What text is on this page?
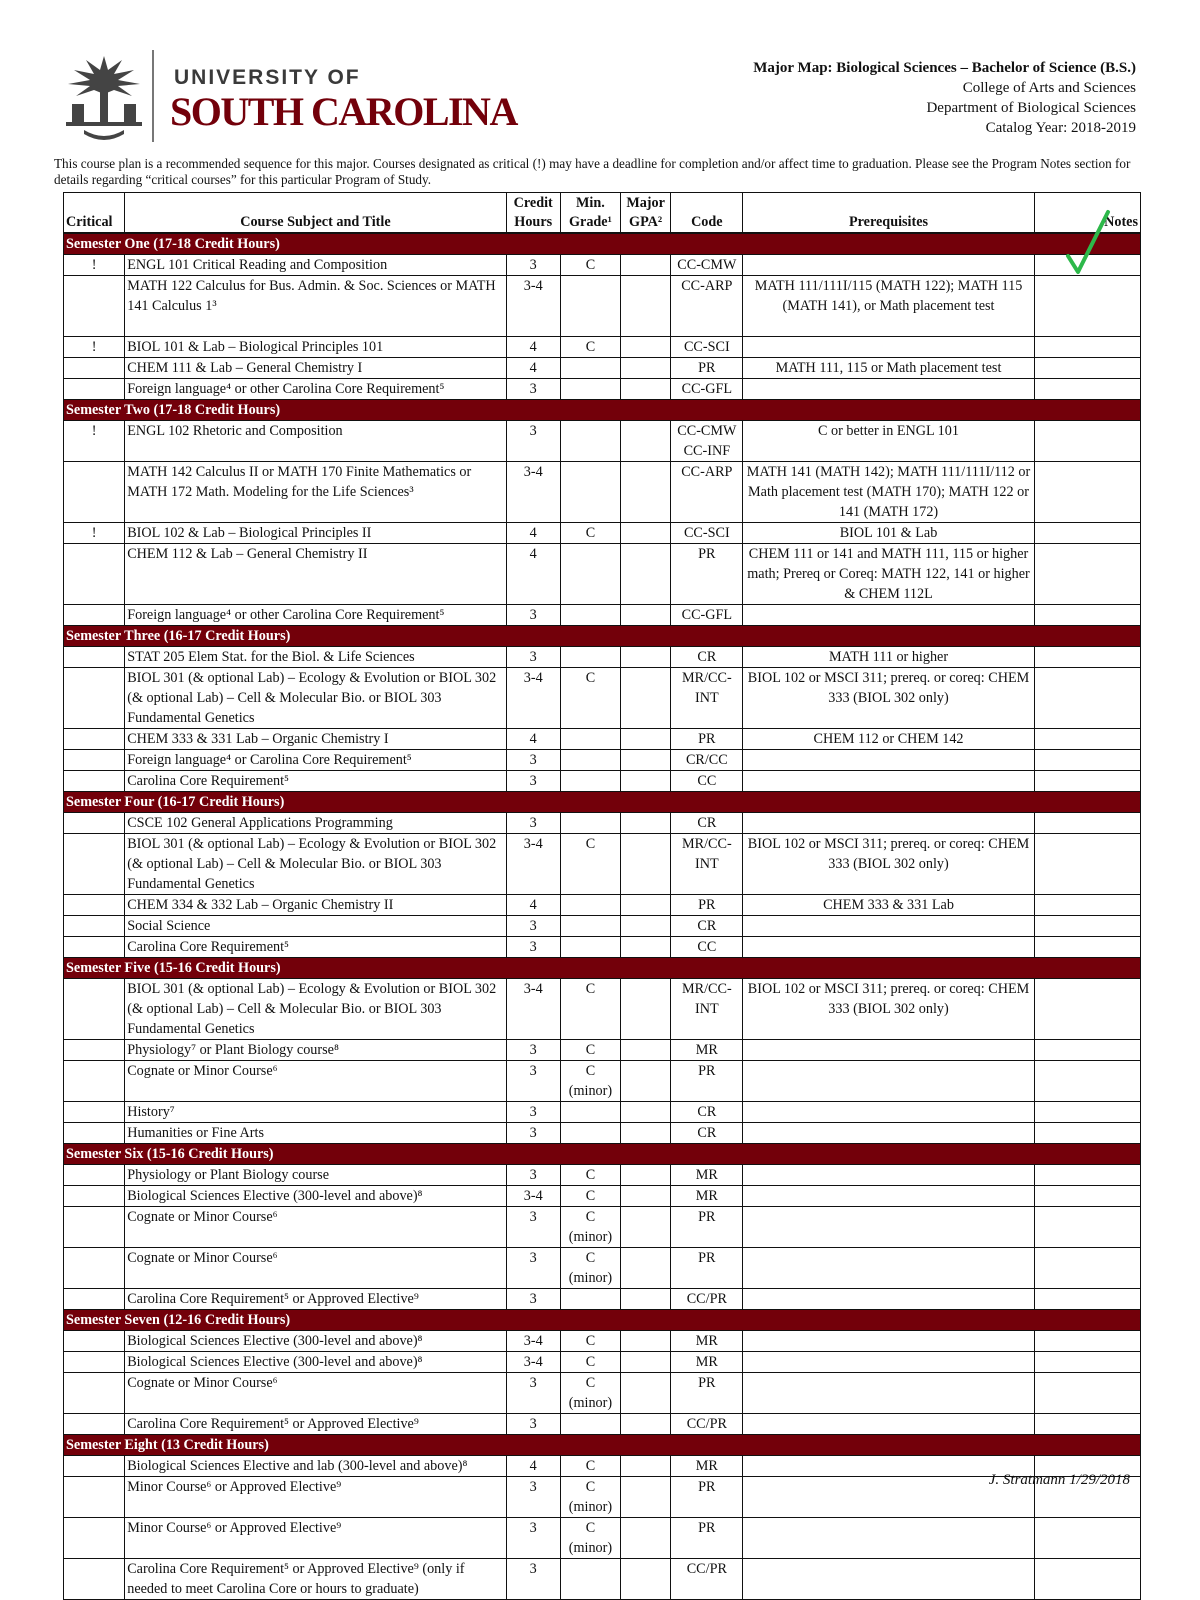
UNIVERSITY OF
SOUTH CAROLINA
Major Map: Biological Sciences – Bachelor of Science (B.S.)
College of Arts and Sciences
Department of Biological Sciences
Catalog Year: 2018-2019
This course plan is a recommended sequence for this major. Courses designated as critical (!) may have a deadline for completion and/or affect time to graduation. Please see the Program Notes section for details regarding “critical courses” for this particular Program of Study.
Critical	Course Subject and Title	Credit Hours	Min. Grade¹	Major GPA²	Code	Prerequisites	Notes
Semester One (17-18 Credit Hours)							
!	ENGL 101 Critical Reading and Composition	3	C		CC-CMW		
	MATH 122 Calculus for Bus. Admin. & Soc. Sciences or MATH 141 Calculus 1³	3-4			CC-ARP	MATH 111/111I/115 (MATH 122); MATH 115 (MATH 141), or Math placement test	
!	BIOL 101 & Lab – Biological Principles 101	4	C		CC-SCI		
	CHEM 111 & Lab – General Chemistry I	4			PR	MATH 111, 115 or Math placement test	
	Foreign language⁴ or other Carolina Core Requirement⁵	3			CC-GFL		
Semester Two (17-18 Credit Hours)							
!	ENGL 102 Rhetoric and Composition	3			CC-CMW CC-INF	C or better in ENGL 101	
	MATH 142 Calculus II or MATH 170 Finite Mathematics or MATH 172 Math. Modeling for the Life Sciences³	3-4			CC-ARP	MATH 141 (MATH 142); MATH 111/111I/112 or Math placement test (MATH 170); MATH 122 or 141 (MATH 172)	
!	BIOL 102 & Lab – Biological Principles II	4	C		CC-SCI	BIOL 101 & Lab	
	CHEM 112 & Lab – General Chemistry II	4			PR	CHEM 111 or 141 and MATH 111, 115 or higher math; Prereq or Coreq: MATH 122, 141 or higher & CHEM 112L	
	Foreign language⁴ or other Carolina Core Requirement⁵	3			CC-GFL		
Semester Three (16-17 Credit Hours)							
	STAT 205 Elem Stat. for the Biol. & Life Sciences	3			CR	MATH 111 or higher	
	BIOL 301 (& optional Lab) – Ecology & Evolution or BIOL 302 (& optional Lab) – Cell & Molecular Bio. or BIOL 303 Fundamental Genetics	3-4	C		MR/CC-INT	BIOL 102 or MSCI 311; prereq. or coreq: CHEM 333 (BIOL 302 only)	
	CHEM 333 & 331 Lab – Organic Chemistry I	4			PR	CHEM 112 or CHEM 142	
	Foreign language⁴ or Carolina Core Requirement⁵	3			CR/CC		
	Carolina Core Requirement⁵	3			CC		
Semester Four (16-17 Credit Hours)							
	CSCE 102 General Applications Programming	3			CR		
	BIOL 301 (& optional Lab) – Ecology & Evolution or BIOL 302 (& optional Lab) – Cell & Molecular Bio. or BIOL 303 Fundamental Genetics	3-4	C		MR/CC-INT	BIOL 102 or MSCI 311; prereq. or coreq: CHEM 333 (BIOL 302 only)	
	CHEM 334 & 332 Lab – Organic Chemistry II	4			PR	CHEM 333 & 331 Lab	
	Social Science	3			CR		
	Carolina Core Requirement⁵	3			CC		
Semester Five (15-16 Credit Hours)							
	BIOL 301 (& optional Lab) – Ecology & Evolution or BIOL 302 (& optional Lab) – Cell & Molecular Bio. or BIOL 303 Fundamental Genetics	3-4	C		MR/CC-INT	BIOL 102 or MSCI 311; prereq. or coreq: CHEM 333 (BIOL 302 only)	
	Physiology⁷ or Plant Biology course⁸	3	C		MR		
	Cognate or Minor Course⁶	3	C (minor)		PR		
	History⁷	3			CR		
	Humanities or Fine Arts	3			CR		
Semester Six (15-16 Credit Hours)							
	Physiology or Plant Biology course	3	C		MR		
	Biological Sciences Elective (300-level and above)⁸	3-4	C		MR		
	Cognate or Minor Course⁶	3	C (minor)		PR		
	Cognate or Minor Course⁶	3	C (minor)		PR		
	Carolina Core Requirement⁵ or Approved Elective⁹	3			CC/PR		
Semester Seven (12-16 Credit Hours)							
	Biological Sciences Elective (300-level and above)⁸	3-4	C		MR		
	Biological Sciences Elective (300-level and above)⁸	3-4	C		MR		
	Cognate or Minor Course⁶	3	C (minor)		PR		
	Carolina Core Requirement⁵ or Approved Elective⁹	3			CC/PR		
Semester Eight (13 Credit Hours)							
	Biological Sciences Elective and lab (300-level and above)⁸	4	C		MR		
	Minor Course⁶ or Approved Elective⁹	3	C (minor)		PR		
	Minor Course⁶ or Approved Elective⁹	3	C (minor)		PR		
	Carolina Core Requirement⁵ or Approved Elective⁹ (only if needed to meet Carolina Core or hours to graduate)	3			CC/PR		
J. Stratmann 1/29/2018
